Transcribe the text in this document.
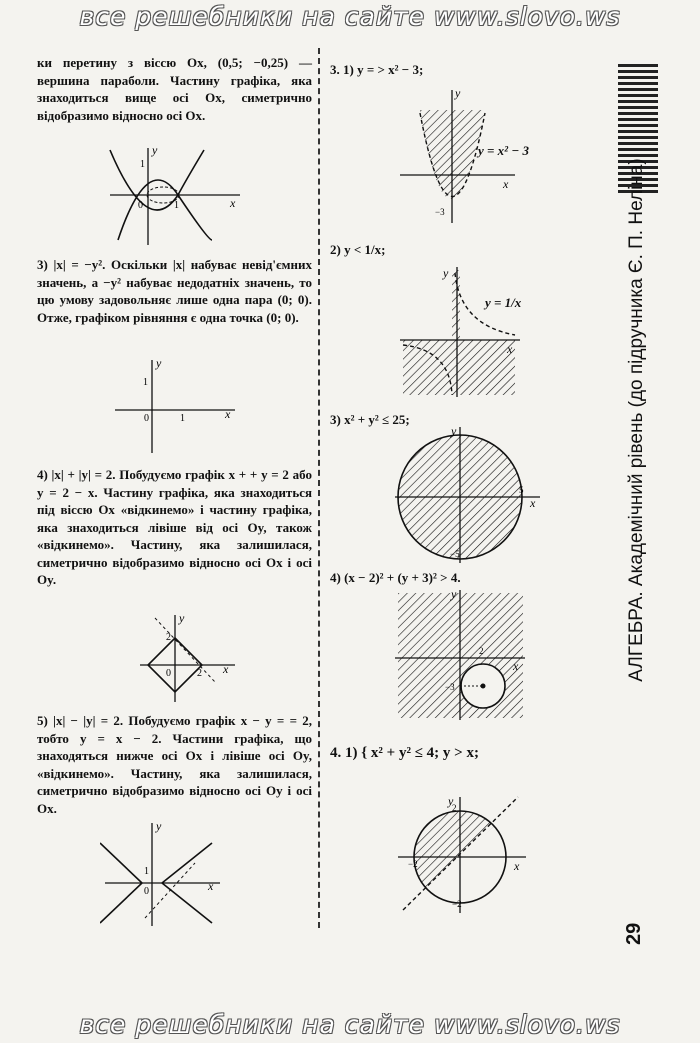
все решебники на сайте www.slovo.ws
все решебники на сайте www.slovo.ws
АЛГЕБРА. Академічний рівень (до підручника Є. П. Неліна)
29

ки перетину з віссю Ox, (0,5; −0,25) — вершина параболи. Частину графіка, яка знаходиться вище осі Ox, симетрично відобразимо відносно осі Ox.

x
y
0	1
1

3) |x| = −y². Оскільки |x| набуває невід'ємних значень, а −y² набуває недодатніх значень, то цю умову задовольняє лише одна пара (0; 0). Отже, графіком рівняння є одна точка (0; 0).

x
y
0	1
1

4) |x| + |y| = 2. Побудуємо графік x + + y = 2 або y = 2 − x. Частину графіка, яка знаходиться під віссю Ox «відкинемо» і частину графіка, яка знаходиться лівіше від осі Oy, також «відкинемо». Частину, яка залишилася, симетрично відобразимо відносно осі Ox і осі Oy.

x
y
0	2
2

5) |x| − |y| = 2. Побудуємо графік x − y = = 2, тобто y = x − 2. Частини графіка, що знаходяться нижче осі Ox і лівіше осі Oy, «відкинемо». Частину, яка залишилася, симетрично відобразимо відносно осі Oy і осі Ox.

x
y
0
1
3. 1) y = > x² − 3;
x
y
−3
y = x² − 3
2) y < 1/x;
x
y
y = 1/x
3) x² + y² ≤ 25;
x
y
5
−5
4) (x − 2)² + (y + 3)² > 4.
x
y
2
−3
4. 1) { x² + y² ≤ 4; y > x;
x
y
2
−2
−2
